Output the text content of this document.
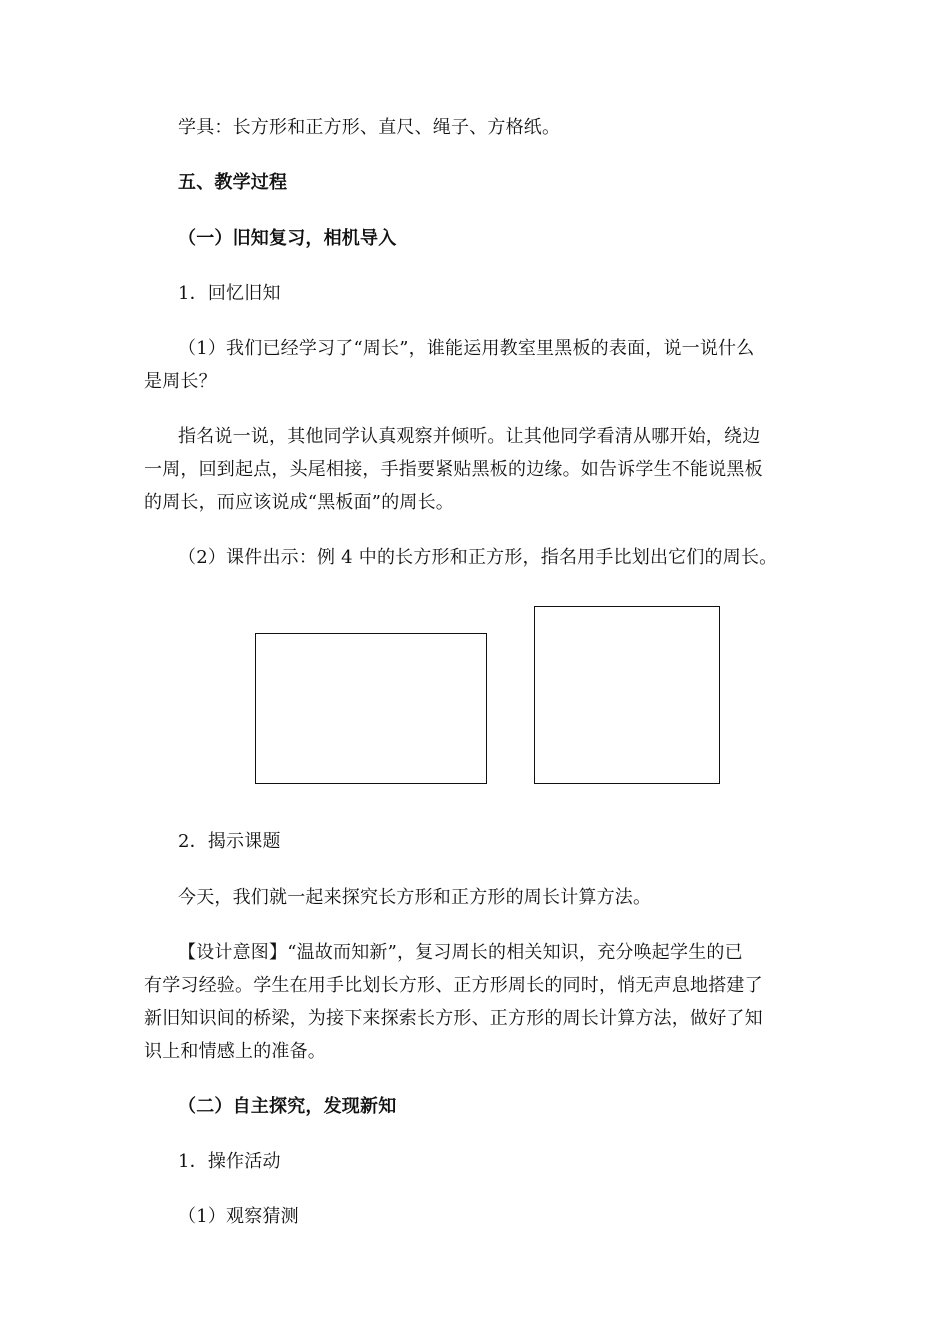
学具：长方形和正方形、直尺、绳子、方格纸。
五、教学过程
（一）旧知复习，相机导入
1．回忆旧知
（1）我们已经学习了“周长”，谁能运用教室里黑板的表面，说一说什么
是周长？
指名说一说，其他同学认真观察并倾听。让其他同学看清从哪开始，绕边
一周，回到起点，头尾相接，手指要紧贴黑板的边缘。如告诉学生不能说黑板
的周长，而应该说成“黑板面”的周长。
（2）课件出示：例 4 中的长方形和正方形，指名用手比划出它们的周长。
2．揭示课题
今天，我们就一起来探究长方形和正方形的周长计算方法。
【设计意图】“温故而知新”，复习周长的相关知识，充分唤起学生的已
有学习经验。学生在用手比划长方形、正方形周长的同时，悄无声息地搭建了
新旧知识间的桥梁，为接下来探索长方形、正方形的周长计算方法，做好了知
识上和情感上的准备。
（二）自主探究，发现新知
1．操作活动
（1）观察猜测
